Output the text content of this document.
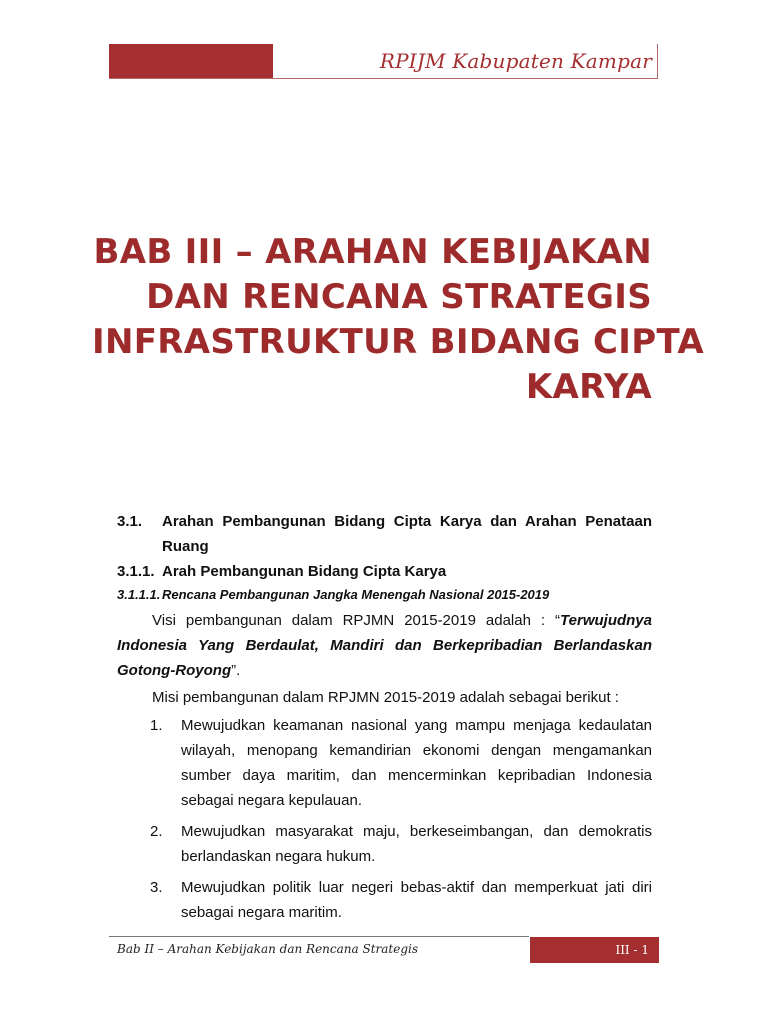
RPIJM Kabupaten Kampar
BAB III – ARAHAN KEBIJAKAN
DAN RENCANA STRATEGIS
INFRASTRUKTUR BIDANG CIPTA
KARYA
3.1.	Arahan Pembangunan Bidang Cipta Karya dan Arahan Penataan Ruang
3.1.1. Arah Pembangunan Bidang Cipta Karya
3.1.1.1. Rencana Pembangunan Jangka Menengah Nasional 2015-2019

Visi pembangunan dalam RPJMN 2015-2019 adalah : “Terwujudnya Indonesia Yang Berdaulat, Mandiri dan Berkepribadian Berlandaskan Gotong-Royong”.

Misi pembangunan dalam RPJMN 2015-2019 adalah sebagai berikut :

1.	Mewujudkan keamanan nasional yang mampu menjaga kedaulatan wilayah, menopang kemandirian ekonomi dengan mengamankan sumber daya maritim, dan mencerminkan kepribadian Indonesia sebagai negara kepulauan.
2.	Mewujudkan masyarakat maju, berkeseimbangan, dan demokratis berlandaskan negara hukum.
3.	Mewujudkan politik luar negeri bebas-aktif dan memperkuat jati diri sebagai negara maritim.
Bab II – Arahan Kebijakan dan Rencana Strategis	III - 1
